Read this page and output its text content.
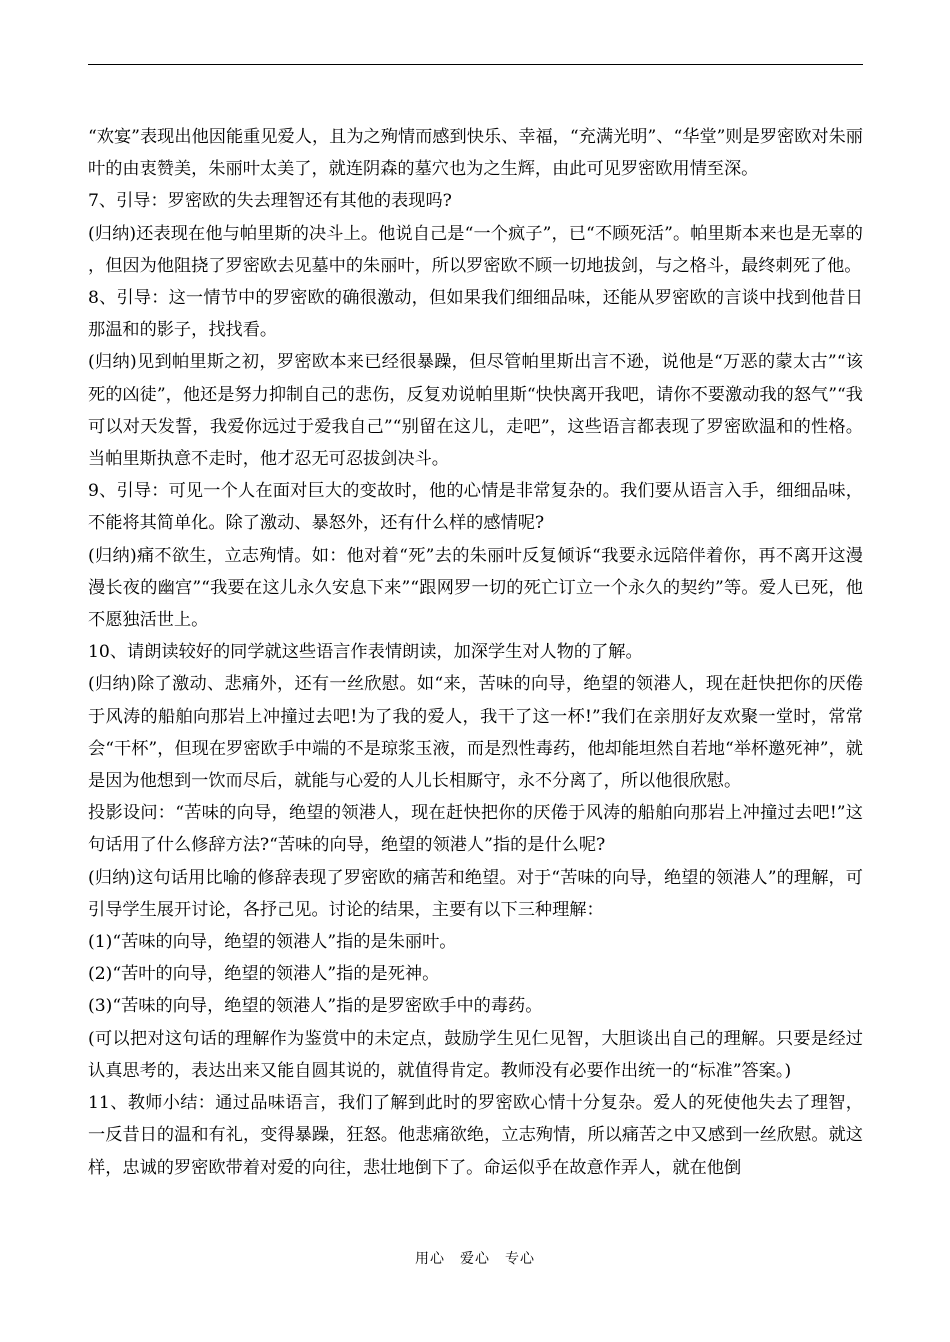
“欢宴”表现出他因能重见爱人，且为之殉情而感到快乐、幸福，“充满光明”、“华堂”则是罗密欧对朱丽叶的由衷赞美，朱丽叶太美了，就连阴森的墓穴也为之生辉，由此可见罗密欧用情至深。

7、引导：罗密欧的失去理智还有其他的表现吗?

(归纳)还表现在他与帕里斯的决斗上。他说自己是“一个疯子”，已“不顾死活”。帕里斯本来也是无辜的，但因为他阻挠了罗密欧去见墓中的朱丽叶，所以罗密欧不顾一切地拔剑，与之格斗，最终刺死了他。

8、引导：这一情节中的罗密欧的确很激动，但如果我们细细品味，还能从罗密欧的言谈中找到他昔日那温和的影子，找找看。

(归纳)见到帕里斯之初，罗密欧本来已经很暴躁，但尽管帕里斯出言不逊，说他是“万恶的蒙太古”“该死的凶徒”，他还是努力抑制自己的悲伤，反复劝说帕里斯“快快离开我吧，请你不要激动我的怒气”“我可以对天发誓，我爱你远过于爱我自己”“别留在这儿，走吧”，这些语言都表现了罗密欧温和的性格。当帕里斯执意不走时，他才忍无可忍拔剑决斗。

9、引导：可见一个人在面对巨大的变故时，他的心情是非常复杂的。我们要从语言入手，细细品味，不能将其简单化。除了激动、暴怒外，还有什么样的感情呢?

(归纳)痛不欲生，立志殉情。如：他对着“死”去的朱丽叶反复倾诉“我要永远陪伴着你，再不离开这漫漫长夜的幽宫”“我要在这儿永久安息下来”“跟网罗一切的死亡订立一个永久的契约”等。爱人已死，他不愿独活世上。

10、请朗读较好的同学就这些语言作表情朗读，加深学生对人物的了解。

(归纳)除了激动、悲痛外，还有一丝欣慰。如“来，苦味的向导，绝望的领港人，现在赶快把你的厌倦于风涛的船舶向那岩上冲撞过去吧!为了我的爱人，我干了这一杯!”我们在亲朋好友欢聚一堂时，常常会“干杯”，但现在罗密欧手中端的不是琼浆玉液，而是烈性毒药，他却能坦然自若地“举杯邀死神”，就是因为他想到一饮而尽后，就能与心爱的人儿长相厮守，永不分离了，所以他很欣慰。

投影设问：“苦味的向导，绝望的领港人，现在赶快把你的厌倦于风涛的船舶向那岩上冲撞过去吧!”这句话用了什么修辞方法?“苦味的向导，绝望的领港人”指的是什么呢?

(归纳)这句话用比喻的修辞表现了罗密欧的痛苦和绝望。对于“苦味的向导，绝望的领港人”的理解，可引导学生展开讨论，各抒己见。讨论的结果，主要有以下三种理解：

(1)“苦味的向导，绝望的领港人”指的是朱丽叶。

(2)“苦叶的向导，绝望的领港人”指的是死神。

(3)“苦味的向导，绝望的领港人”指的是罗密欧手中的毒药。

(可以把对这句话的理解作为鉴赏中的未定点，鼓励学生见仁见智，大胆谈出自己的理解。只要是经过认真思考的，表达出来又能自圆其说的，就值得肯定。教师没有必要作出统一的“标准”答案。)

11、教师小结：通过品味语言，我们了解到此时的罗密欧心情十分复杂。爱人的死使他失去了理智，一反昔日的温和有礼，变得暴躁，狂怒。他悲痛欲绝，立志殉情，所以痛苦之中又感到一丝欣慰。就这样，忠诚的罗密欧带着对爱的向往，悲壮地倒下了。命运似乎在故意作弄人，就在他倒

用心　爱心　专心
